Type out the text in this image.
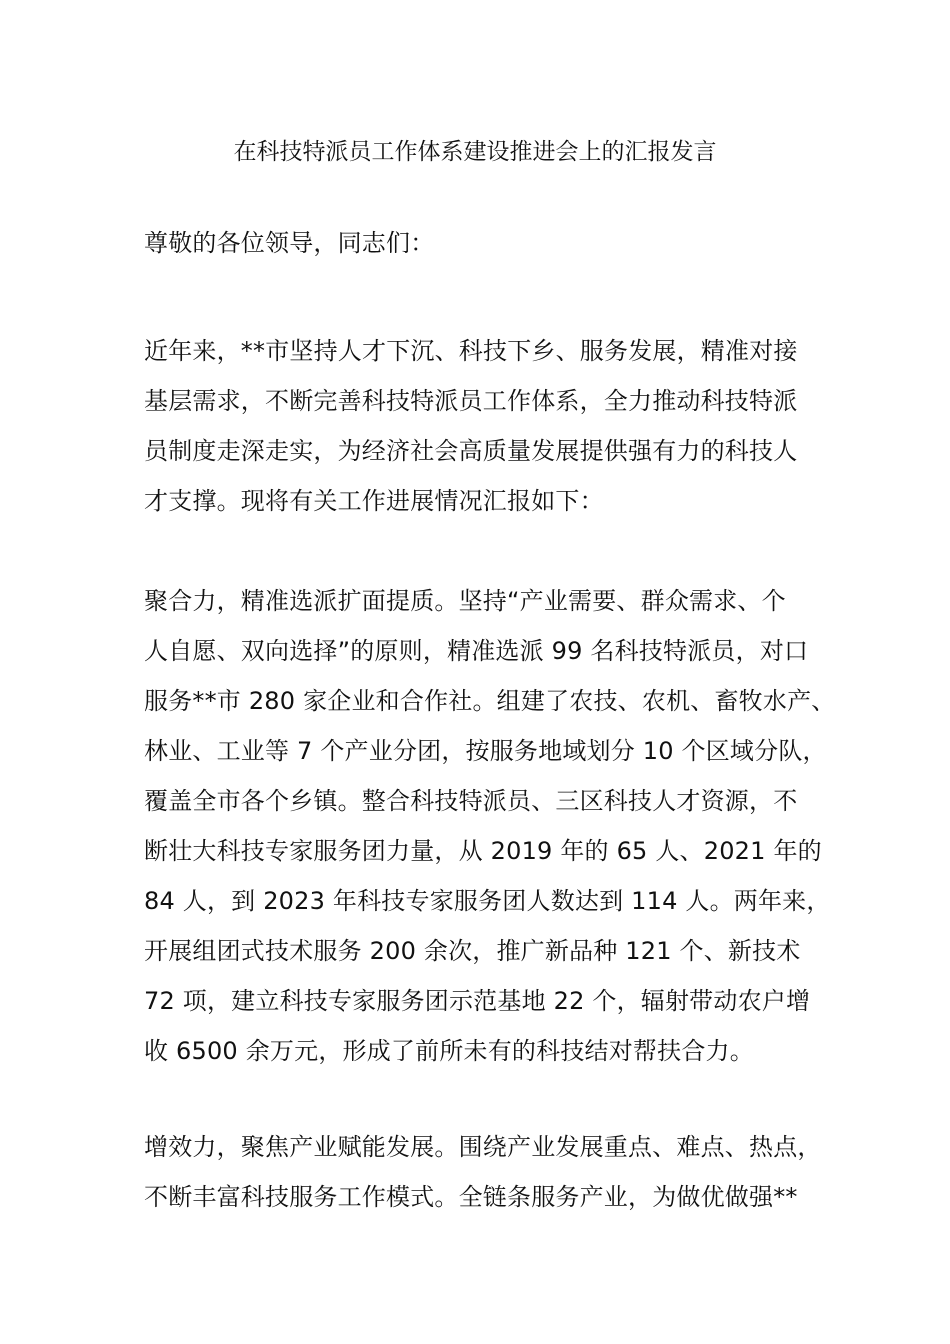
在科技特派员工作体系建设推进会上的汇报发言
尊敬的各位领导，同志们：
近年来，**市坚持人才下沉、科技下乡、服务发展，精准对接
基层需求，不断完善科技特派员工作体系，全力推动科技特派
员制度走深走实，为经济社会高质量发展提供强有力的科技人
才支撑。现将有关工作进展情况汇报如下：
聚合力，精准选派扩面提质。坚持“产业需要、群众需求、个
人自愿、双向选择”的原则，精准选派 99 名科技特派员，对口
服务**市 280 家企业和合作社。组建了农技、农机、畜牧水产、
林业、工业等 7 个产业分团，按服务地域划分 10 个区域分队，
覆盖全市各个乡镇。整合科技特派员、三区科技人才资源，不
断壮大科技专家服务团力量，从 2019 年的 65 人、2021 年的
84 人，到 2023 年科技专家服务团人数达到 114 人。两年来，
开展组团式技术服务 200 余次，推广新品种 121 个、新技术
72 项，建立科技专家服务团示范基地 22 个，辐射带动农户增
收 6500 余万元，形成了前所未有的科技结对帮扶合力。
增效力，聚焦产业赋能发展。围绕产业发展重点、难点、热点，
不断丰富科技服务工作模式。全链条服务产业，为做优做强**
